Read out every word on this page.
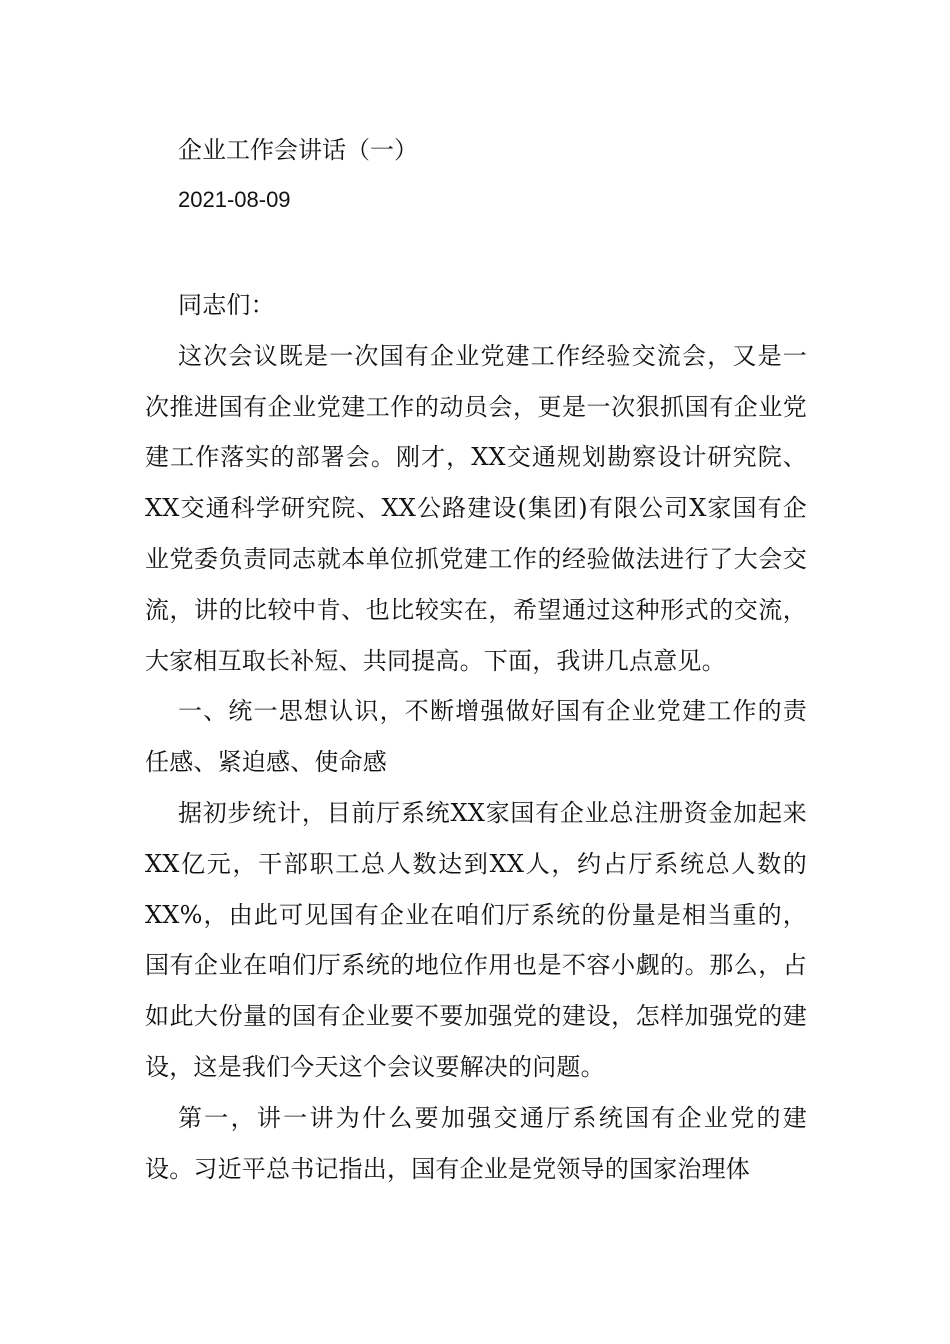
企业工作会讲话（一）
2021-08-09

同志们：

这次会议既是一次国有企业党建工作经验交流会，又是一次推进国有企业党建工作的动员会，更是一次狠抓国有企业党建工作落实的部署会。刚才，XX交通规划勘察设计研究院、XX交通科学研究院、XX公路建设(集团)有限公司X家国有企业党委负责同志就本单位抓党建工作的经验做法进行了大会交流，讲的比较中肯、也比较实在，希望通过这种形式的交流，大家相互取长补短、共同提高。下面，我讲几点意见。

一、统一思想认识，不断增强做好国有企业党建工作的责任感、紧迫感、使命感

据初步统计，目前厅系统XX家国有企业总注册资金加起来XX亿元，干部职工总人数达到XX人，约占厅系统总人数的XX%，由此可见国有企业在咱们厅系统的份量是相当重的，国有企业在咱们厅系统的地位作用也是不容小觑的。那么，占如此大份量的国有企业要不要加强党的建设，怎样加强党的建设，这是我们今天这个会议要解决的问题。

第一，讲一讲为什么要加强交通厅系统国有企业党的建设。习近平总书记指出，国有企业是党领导的国家治理体
